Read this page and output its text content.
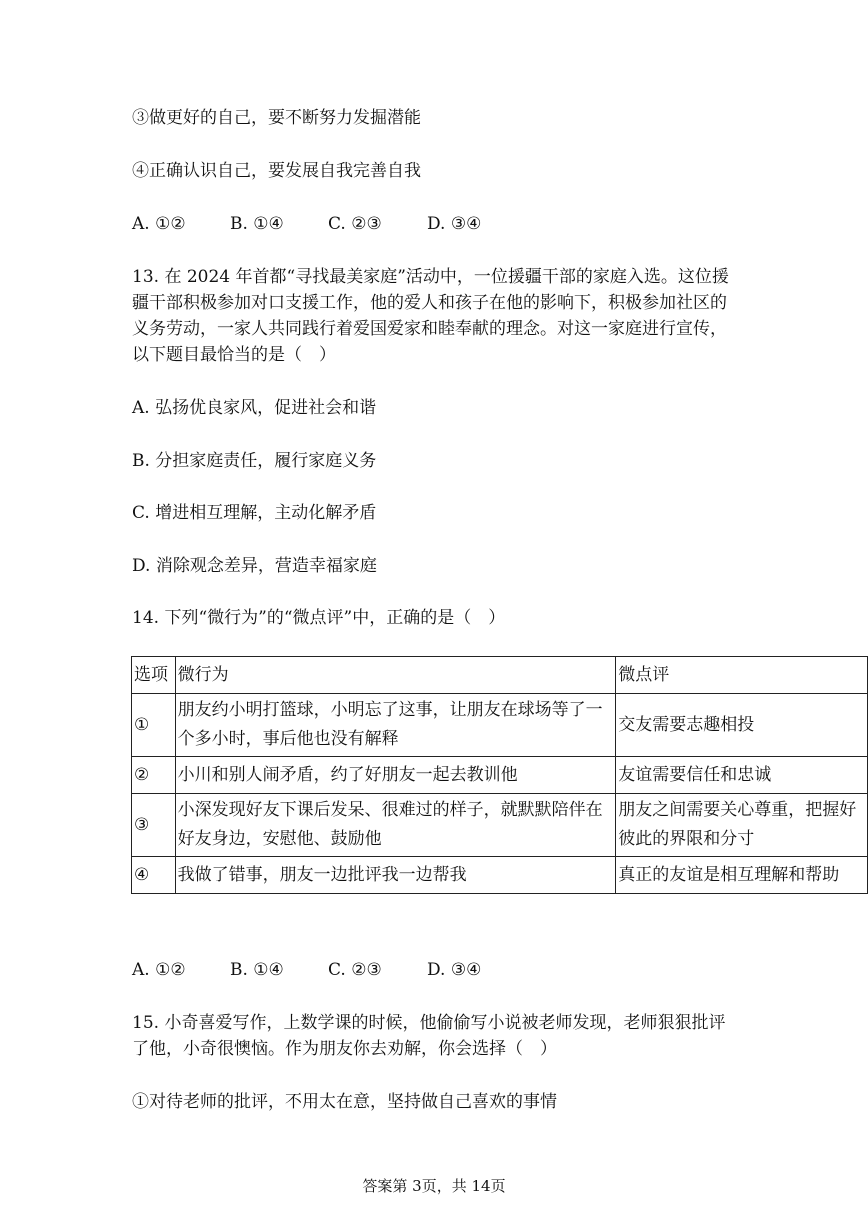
③做更好的自己，要不断努力发掘潜能
④正确认识自己，要发展自我完善自我
A. ①②	B. ①④	C. ②③	D. ③④
13. 在 2024 年首都“寻找最美家庭”活动中，一位援疆干部的家庭入选。这位援
疆干部积极参加对口支援工作，他的爱人和孩子在他的影响下，积极参加社区的
义务劳动，一家人共同践行着爱国爱家和睦奉献的理念。对这一家庭进行宣传，
以下题目最恰当的是（　）
A. 弘扬优良家风，促进社会和谐
B. 分担家庭责任，履行家庭义务
C. 增进相互理解，主动化解矛盾
D. 消除观念差异，营造幸福家庭
14. 下列“微行为”的“微点评”中，正确的是（　）
选项	微行为	微点评
①	朋友约小明打篮球，小明忘了这事，让朋友在球场等了一个多小时，事后他也没有解释	交友需要志趣相投
②	小川和别人闹矛盾，约了好朋友一起去教训他	友谊需要信任和忠诚
③	小深发现好友下课后发呆、很难过的样子，就默默陪伴在好友身边，安慰他、鼓励他	朋友之间需要关心尊重，把握好彼此的界限和分寸
④	我做了错事，朋友一边批评我一边帮我	真正的友谊是相互理解和帮助
A. ①②	B. ①④	C. ②③	D. ③④
15. 小奇喜爱写作，上数学课的时候，他偷偷写小说被老师发现，老师狠狠批评
了他，小奇很懊恼。作为朋友你去劝解，你会选择（　）
①对待老师的批评，不用太在意，坚持做自己喜欢的事情
答案第 3页，共 14页
